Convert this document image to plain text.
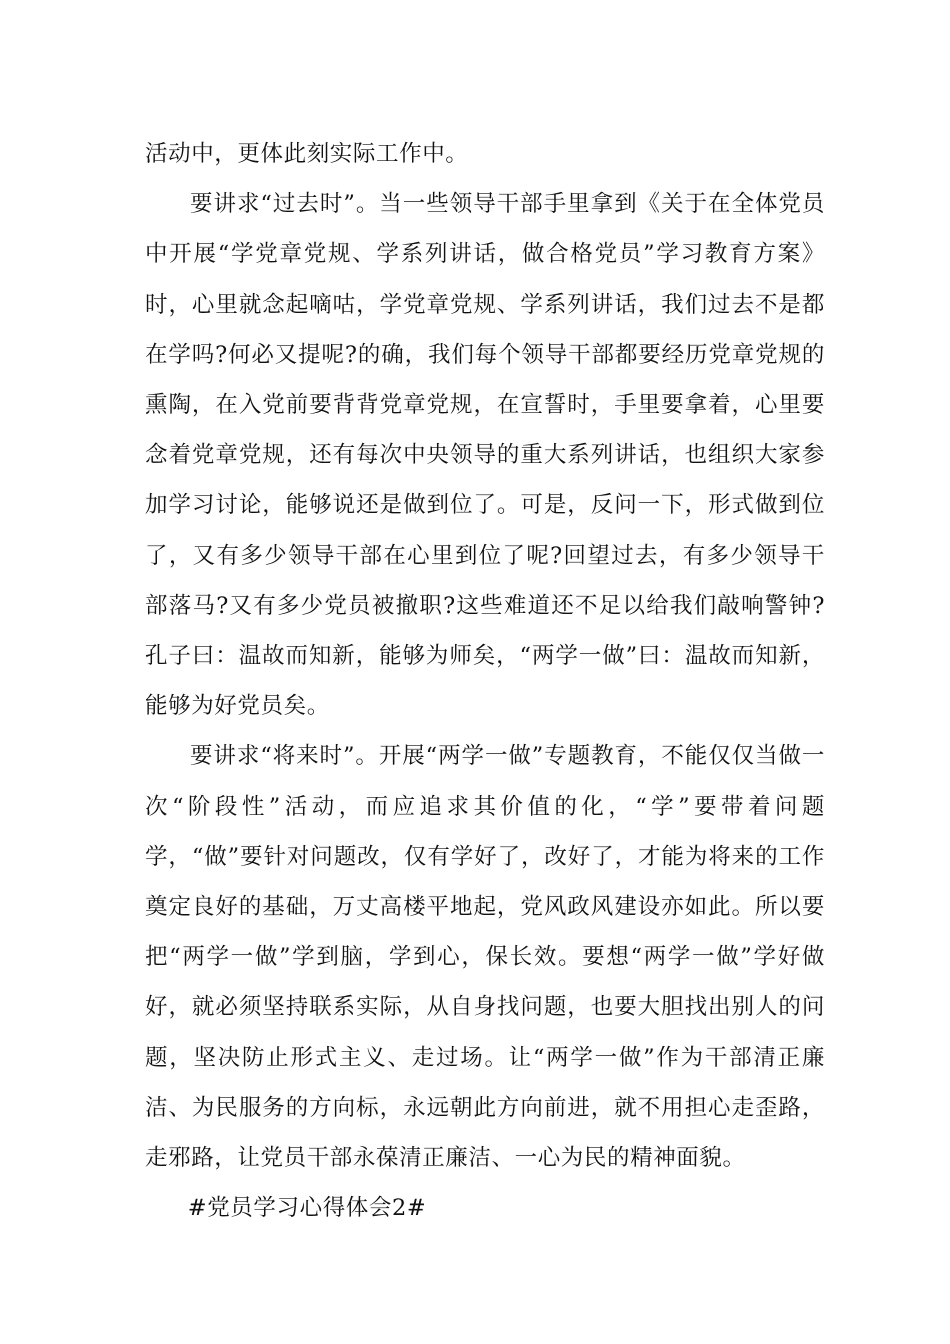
活动中，更体此刻实际工作中。

要讲求“过去时”。当一些领导干部手里拿到《关于在全体党员中开展“学党章党规、学系列讲话，做合格党员”学习教育方案》时，心里就念起嘀咕，学党章党规、学系列讲话，我们过去不是都在学吗?何必又提呢?的确，我们每个领导干部都要经历党章党规的熏陶，在入党前要背背党章党规，在宣誓时，手里要拿着，心里要念着党章党规，还有每次中央领导的重大系列讲话，也组织大家参加学习讨论，能够说还是做到位了。可是，反问一下，形式做到位了，又有多少领导干部在心里到位了呢?回望过去，有多少领导干部落马?又有多少党员被撤职?这些难道还不足以给我们敲响警钟?孔子曰：温故而知新，能够为师矣，“两学一做”曰：温故而知新，能够为好党员矣。

要讲求“将来时”。开展“两学一做”专题教育，不能仅仅当做一次“阶段性”活动，而应追求其价值的化，“学”要带着问题学，“做”要针对问题改，仅有学好了，改好了，才能为将来的工作奠定良好的基础，万丈高楼平地起，党风政风建设亦如此。所以要把“两学一做”学到脑，学到心，保长效。要想“两学一做”学好做好，就必须坚持联系实际，从自身找问题，也要大胆找出别人的问题，坚决防止形式主义、走过场。让“两学一做”作为干部清正廉洁、为民服务的方向标，永远朝此方向前进，就不用担心走歪路，走邪路，让党员干部永葆清正廉洁、一心为民的精神面貌。

#党员学习心得体会2#
